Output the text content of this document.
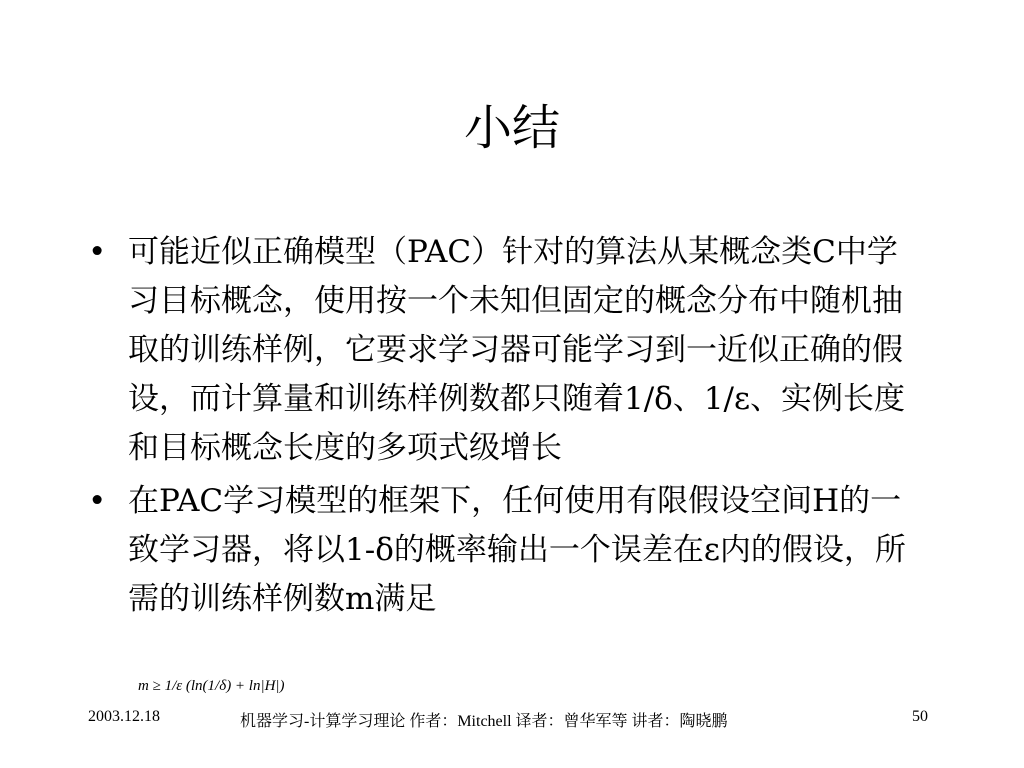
小结
• 可能近似正确模型（PAC）针对的算法从某概念类C中学习目标概念，使用按一个未知但固定的概念分布中随机抽取的训练样例，它要求学习器可能学习到一近似正确的假设，而计算量和训练样例数都只随着1/δ、1/ε、实例长度和目标概念长度的多项式级增长
• 在PAC学习模型的框架下，任何使用有限假设空间H的一致学习器，将以1-δ的概率输出一个误差在ε内的假设，所需的训练样例数m满足
m ≥ 1/ε (ln(1/δ) + ln|H|)
2003.12.18	机器学习-计算学习理论 作者：Mitchell 译者：曾华军等 讲者：陶晓鹏	50
